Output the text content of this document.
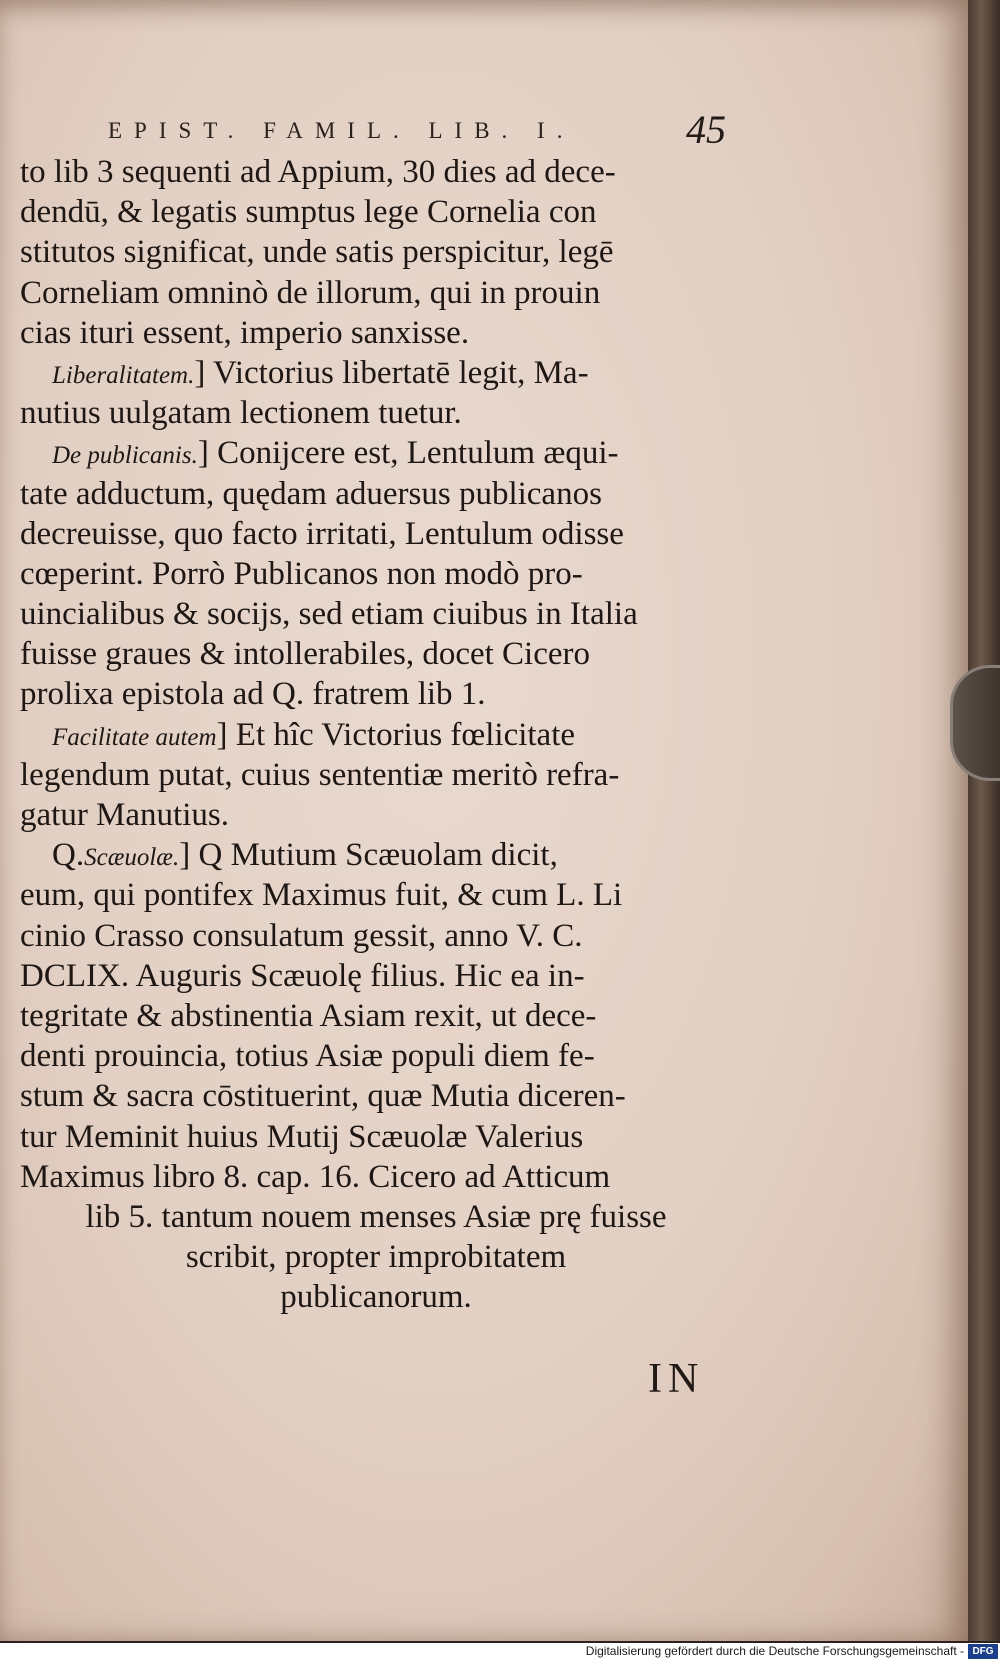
EPIST. FAMIL. LIB. I.	45
to lib 3 sequenti ad Appium, 30 dies ad dece-
dendū, & legatis sumptus lege Cornelia con
stitutos significat, unde satis perspicitur, legē
Corneliam omninò de illorum, qui in prouin
cias ituri essent, imperio sanxisse.
Liberalitatem.] Victorius libertatē legit, Ma-
nutius uulgatam lectionem tuetur.
De publicanis.] Conijcere est, Lentulum æqui-
tate adductum, quędam aduersus publicanos
decreuisse, quo facto irritati, Lentulum odisse
cœperint. Porrò Publicanos non modò pro-
uincialibus & socijs, sed etiam ciuibus in Italia
fuisse graues & intollerabiles, docet Cicero
prolixa epistola ad Q. fratrem lib 1.
Facilitate autem] Et hîc Victorius fœlicitate
legendum putat, cuius sententiæ meritò refra-
gatur Manutius.
Q.Scæuolæ.] Q Mutium Scæuolam dicit,
eum, qui pontifex Maximus fuit, & cum L. Li
cinio Crasso consulatum gessit, anno V. C.
DCLIX. Auguris Scæuolę filius. Hic ea in-
tegritate & abstinentia Asiam rexit, ut dece-
denti prouincia, totius Asiæ populi diem fe-
stum & sacra cōstituerint, quæ Mutia diceren-
tur Meminit huius Mutij Scæuolæ Valerius
Maximus libro 8. cap. 16. Cicero ad Atticum
lib 5. tantum nouem menses Asiæ prę fuisse
scribit, propter improbitatem
publicanorum.
IN
Digitalisierung gefördert durch die Deutsche Forschungsgemeinschaft - DFG
